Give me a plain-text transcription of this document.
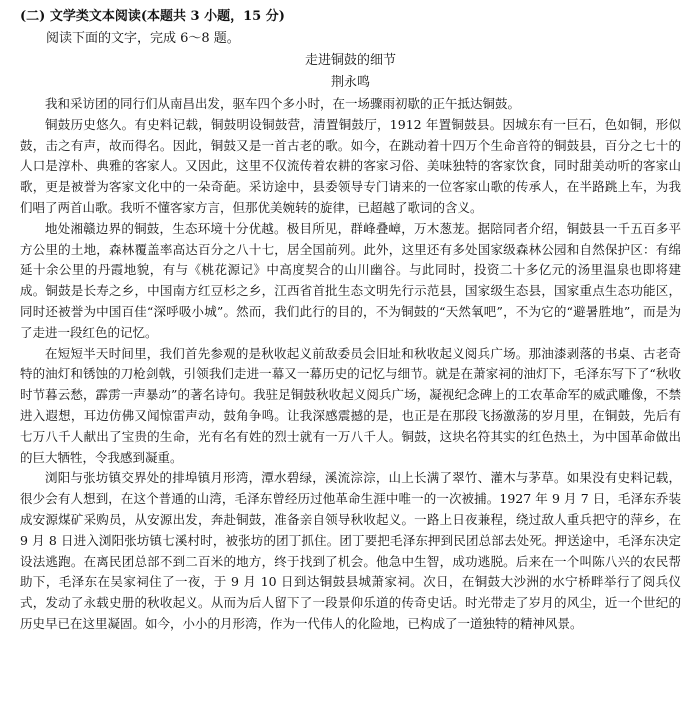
(二) 文学类文本阅读(本题共 3 小题，15 分)
阅读下面的文字，完成 6～8 题。
走进铜鼓的细节
荆永鸣

我和采访团的同行们从南昌出发，驱车四个多小时，在一场骤雨初歇的正午抵达铜鼓。

铜鼓历史悠久。有史料记载，铜鼓明设铜鼓营，清置铜鼓厅，1912 年置铜鼓县。因城东有一巨石，色如铜，形似鼓，击之有声，故而得名。因此，铜鼓又是一首古老的歌。如今，在跳动着十四万个生命音符的铜鼓县，百分之七十的人口是淳朴、典雅的客家人。又因此，这里不仅流传着农耕的客家习俗、美味独特的客家饮食，同时甜美动听的客家山歌，更是被誉为客家文化中的一朵奇葩。采访途中，县委领导专门请来的一位客家山歌的传承人，在半路跳上车，为我们唱了两首山歌。我听不懂客家方言，但那优美婉转的旋律，已超越了歌词的含义。

地处湘赣边界的铜鼓，生态环境十分优越。极目所见，群峰叠嶂，万木葱茏。据陪同者介绍，铜鼓县一千五百多平方公里的土地，森林覆盖率高达百分之八十七，居全国前列。此外，这里还有多处国家级森林公园和自然保护区：有绵延十余公里的丹霞地貌，有与《桃花源记》中高度契合的山川幽谷。与此同时，投资二十多亿元的汤里温泉也即将建成。铜鼓是长寿之乡，中国南方红豆杉之乡，江西省首批生态文明先行示范县，国家级生态县，国家重点生态功能区，同时还被誉为中国百佳“深呼吸小城”。然而，我们此行的目的，不为铜鼓的“天然氧吧”，不为它的“避暑胜地”，而是为了走进一段红色的记忆。

在短短半天时间里，我们首先参观的是秋收起义前敌委员会旧址和秋收起义阅兵广场。那油漆剥落的书桌、古老奇特的油灯和锈蚀的刀枪剑戟，引领我们走进一幕又一幕历史的记忆与细节。就是在萧家祠的油灯下，毛泽东写下了“秋收时节暮云愁，霹雳一声暴动”的著名诗句。我驻足铜鼓秋收起义阅兵广场，凝视纪念碑上的工农革命军的威武雕像，不禁进入遐想，耳边仿佛又闻惊雷声动，鼓角争鸣。让我深感震撼的是，也正是在那段飞扬激荡的岁月里，在铜鼓，先后有七万八千人献出了宝贵的生命，光有名有姓的烈士就有一万八千人。铜鼓，这块名符其实的红色热土，为中国革命做出的巨大牺牲，令我感到凝重。

浏阳与张坊镇交界处的排埠镇月形湾，潭水碧绿，溪流淙淙，山上长满了翠竹、灌木与茅草。如果没有史料记载，很少会有人想到，在这个普通的山湾，毛泽东曾经历过他革命生涯中唯一的一次被捕。1927 年 9 月 7 日，毛泽东乔装成安源煤矿采购员，从安源出发，奔赴铜鼓，准备亲自领导秋收起义。一路上日夜兼程，绕过敌人重兵把守的萍乡，在 9 月 8 日进入浏阳张坊镇七溪村时，被张坊的团丁抓住。团丁要把毛泽东押到民团总部去处死。押送途中，毛泽东决定设法逃跑。在离民团总部不到二百米的地方，终于找到了机会。他急中生智，成功逃脱。后来在一个叫陈八兴的农民帮助下，毛泽东在吴家祠住了一夜，于 9 月 10 日到达铜鼓县城萧家祠。次日，在铜鼓大沙洲的水宁桥畔举行了阅兵仪式，发动了永载史册的秋收起义。从而为后人留下了一段景仰乐道的传奇史话。时光带走了岁月的风尘，近一个世纪的历史早已在这里凝固。如今，小小的月形湾，作为一代伟人的化险地，已构成了一道独特的精神风景。
